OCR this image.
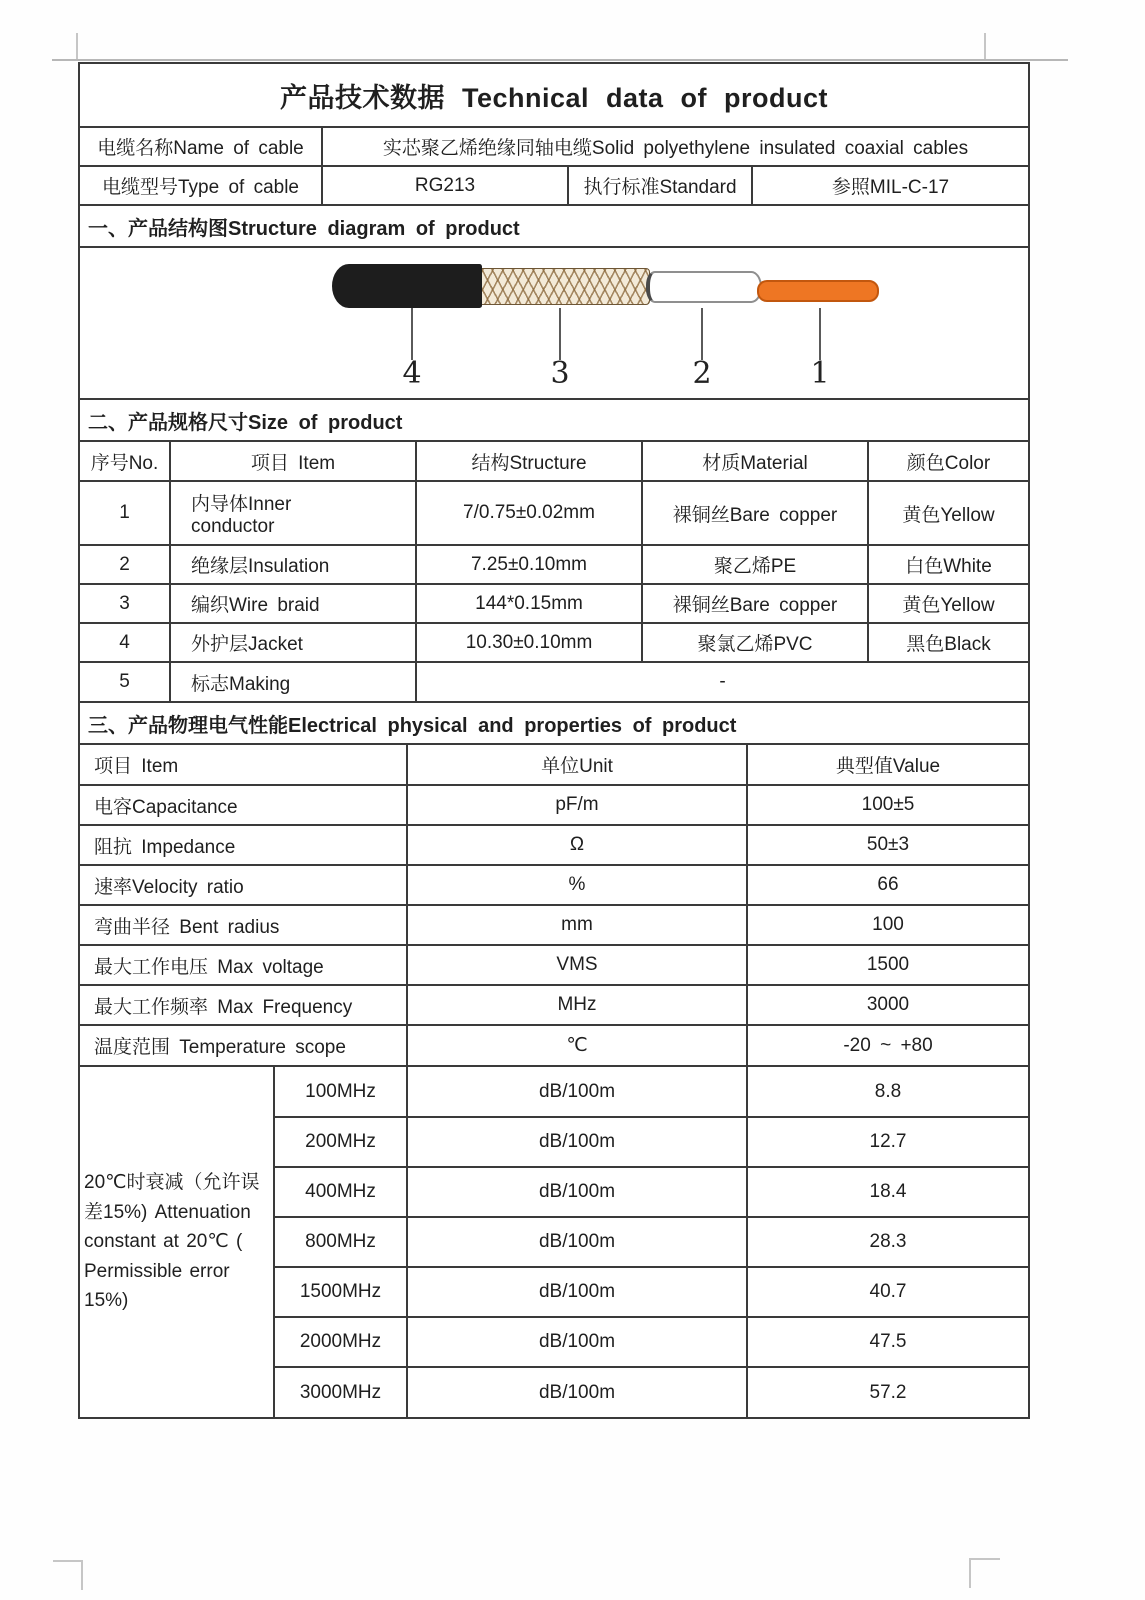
产品技术数据 Technical data of product
电缆名称Name of cable	实芯聚乙烯绝缘同轴电缆Solid polyethylene insulated coaxial cables		
电缆型号Type of cable	RG213	执行标准Standard	参照MIL-C-17
一、产品结构图Structure diagram of product
4	3	2	1
二、产品规格尺寸Size of product
序号No.	项目 Item	结构Structure	材质Material	颜色Color
1	内导体Inner conductor	7/0.75±0.02mm	裸铜丝Bare copper	黄色Yellow
2	绝缘层Insulation	7.25±0.10mm	聚乙烯PE	白色White
3	编织Wire braid	144*0.15mm	裸铜丝Bare copper	黄色Yellow
4	外护层Jacket	10.30±0.10mm	聚氯乙烯PVC	黑色Black
5	标志Making	-		
三、产品物理电气性能Electrical physical and properties of product
项目 Item	单位Unit	典型值Value
电容Capacitance	pF/m	100±5
阻抗 Impedance	Ω	50±3
速率Velocity ratio	%	66
弯曲半径 Bent radius	mm	100
最大工作电压 Max voltage	VMS	1500
最大工作频率 Max Frequency	MHz	3000
温度范围 Temperature scope	℃	-20 ~ +80
20℃时衰减（允许误差15%) Attenuation constant at 20℃ ( Permissible error 15%)	100MHz	dB/100m	8.8
	200MHz	dB/100m	12.7
	400MHz	dB/100m	18.4
	800MHz	dB/100m	28.3
	1500MHz	dB/100m	40.7
	2000MHz	dB/100m	47.5
	3000MHz	dB/100m	57.2
